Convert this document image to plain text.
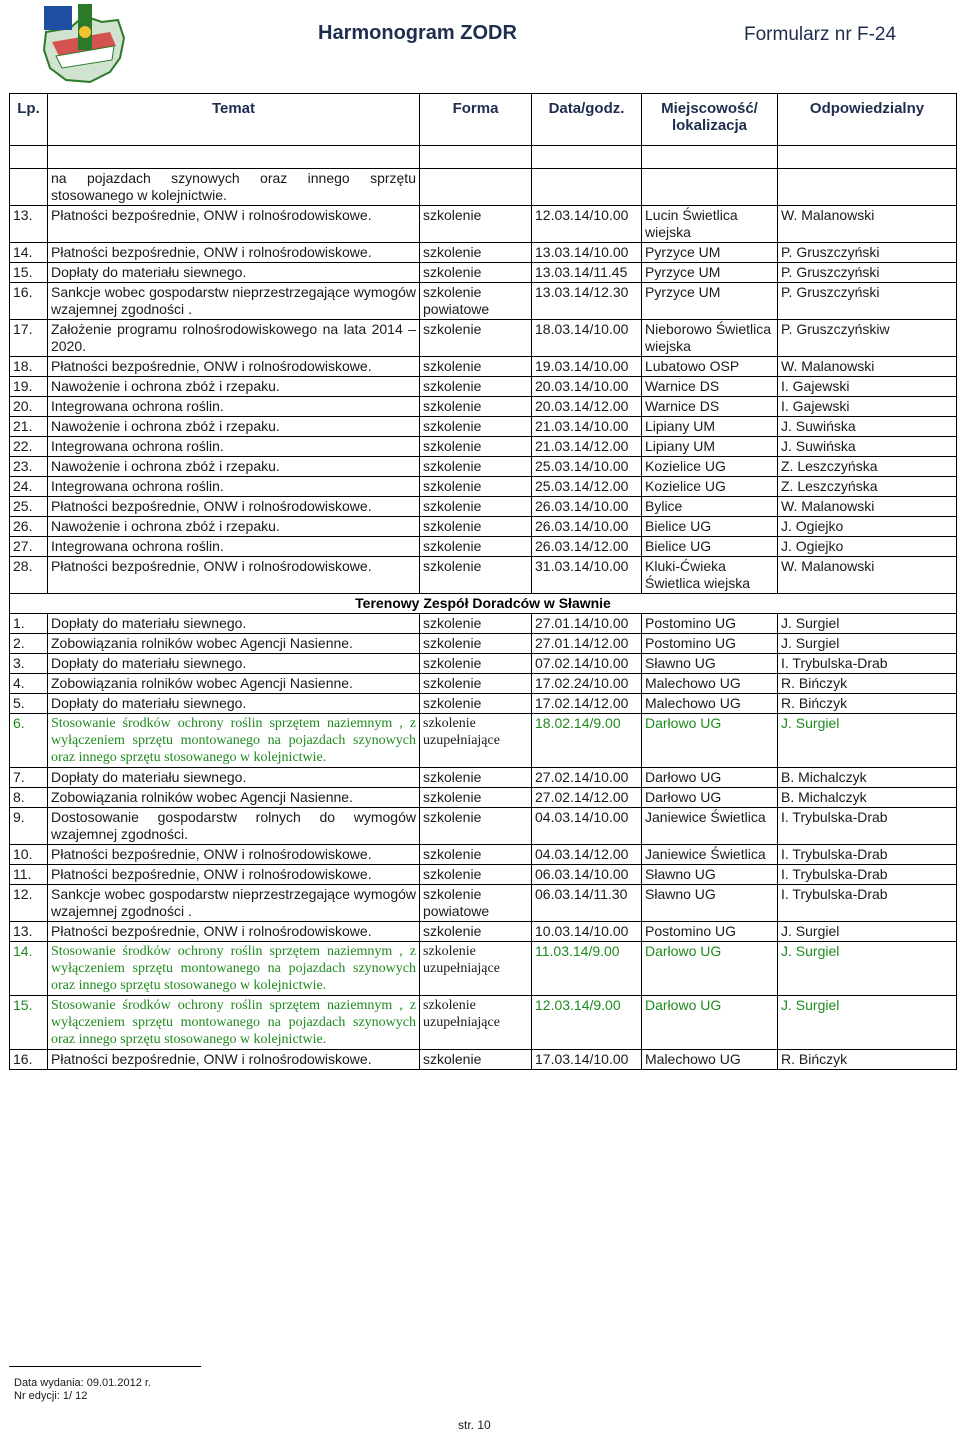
Harmonogram ZODR	Formularz nr F-24
Lp.	Temat	Forma	Data/godz.	Miejscowość/ lokalizacja	Odpowiedzialny

	na pojazdach szynowych oraz innego sprzętu stosowanego w kolejnictwie.				
13.	Płatności bezpośrednie, ONW i rolnośrodowiskowe.	szkolenie	12.03.14/10.00	Lucin Świetlica wiejska	W. Malanowski
14.	Płatności bezpośrednie, ONW i rolnośrodowiskowe.	szkolenie	13.03.14/10.00	Pyrzyce UM	P. Gruszczyński
15.	Dopłaty do materiału siewnego.	szkolenie	13.03.14/11.45	Pyrzyce UM	P. Gruszczyński
16.	Sankcje wobec gospodarstw nieprzestrzegające wymogów wzajemnej zgodności .	szkolenie powiatowe	13.03.14/12.30	Pyrzyce UM	P. Gruszczyński
17.	Założenie programu rolnośrodowiskowego na lata 2014 – 2020.	szkolenie	18.03.14/10.00	Nieborowo Świetlica wiejska	P. Gruszczyńskiw
18.	Płatności bezpośrednie, ONW i rolnośrodowiskowe.	szkolenie	19.03.14/10.00	Lubatowo OSP	W. Malanowski
19.	Nawożenie i ochrona zbóż i rzepaku.	szkolenie	20.03.14/10.00	Warnice DS	I. Gajewski
20.	Integrowana ochrona roślin.	szkolenie	20.03.14/12.00	Warnice DS	I. Gajewski
21.	Nawożenie i ochrona zbóż i rzepaku.	szkolenie	21.03.14/10.00	Lipiany UM	J. Suwińska
22.	Integrowana ochrona roślin.	szkolenie	21.03.14/12.00	Lipiany UM	J. Suwińska
23.	Nawożenie i ochrona zbóż i rzepaku.	szkolenie	25.03.14/10.00	Kozielice UG	Z. Leszczyńska
24.	Integrowana ochrona roślin.	szkolenie	25.03.14/12.00	Kozielice UG	Z. Leszczyńska
25.	Płatności bezpośrednie, ONW i rolnośrodowiskowe.	szkolenie	26.03.14/10.00	Bylice	W. Malanowski
26.	Nawożenie i ochrona zbóż i rzepaku.	szkolenie	26.03.14/10.00	Bielice UG	J. Ogiejko
27.	Integrowana ochrona roślin.	szkolenie	26.03.14/12.00	Bielice UG	J. Ogiejko
28.	Płatności bezpośrednie, ONW i rolnośrodowiskowe.	szkolenie	31.03.14/10.00	Kluki-Ćwieka Świetlica wiejska	W. Malanowski
Terenowy Zespół Doradców w Sławnie					
1.	Dopłaty do materiału siewnego.	szkolenie	27.01.14/10.00	Postomino UG	J. Surgiel
2.	Zobowiązania rolników wobec Agencji Nasienne.	szkolenie	27.01.14/12.00	Postomino UG	J. Surgiel
3.	Dopłaty do materiału siewnego.	szkolenie	07.02.14/10.00	Sławno UG	I. Trybulska-Drab
4.	Zobowiązania rolników wobec Agencji Nasienne.	szkolenie	17.02.24/10.00	Malechowo UG	R. Bińczyk
5.	Dopłaty do materiału siewnego.	szkolenie	17.02.14/12.00	Malechowo UG	R. Bińczyk
6.	Stosowanie środków ochrony roślin sprzętem naziemnym , z wyłączeniem sprzętu montowanego na pojazdach szynowych oraz innego sprzętu stosowanego w kolejnictwie.	szkolenie uzupełniające	18.02.14/9.00	Darłowo UG	J. Surgiel
7.	Dopłaty do materiału siewnego.	szkolenie	27.02.14/10.00	Darłowo UG	B. Michalczyk
8.	Zobowiązania rolników wobec Agencji Nasienne.	szkolenie	27.02.14/12.00	Darłowo UG	B. Michalczyk
9.	Dostosowanie gospodarstw rolnych do wymogów wzajemnej zgodności.	szkolenie	04.03.14/10.00	Janiewice Świetlica	I. Trybulska-Drab
10.	Płatności bezpośrednie, ONW i rolnośrodowiskowe.	szkolenie	04.03.14/12.00	Janiewice Świetlica	I. Trybulska-Drab
11.	Płatności bezpośrednie, ONW i rolnośrodowiskowe.	szkolenie	06.03.14/10.00	Sławno UG	I. Trybulska-Drab
12.	Sankcje wobec gospodarstw nieprzestrzegające wymogów wzajemnej zgodności .	szkolenie powiatowe	06.03.14/11.30	Sławno UG	I. Trybulska-Drab
13.	Płatności bezpośrednie, ONW i rolnośrodowiskowe.	szkolenie	10.03.14/10.00	Postomino UG	J. Surgiel
14.	Stosowanie środków ochrony roślin sprzętem naziemnym , z wyłączeniem sprzętu montowanego na pojazdach szynowych oraz innego sprzętu stosowanego w kolejnictwie.	szkolenie uzupełniające	11.03.14/9.00	Darłowo UG	J. Surgiel
15.	Stosowanie środków ochrony roślin sprzętem naziemnym , z wyłączeniem sprzętu montowanego na pojazdach szynowych oraz innego sprzętu stosowanego w kolejnictwie.	szkolenie uzupełniające	12.03.14/9.00	Darłowo UG	J. Surgiel
16.	Płatności bezpośrednie, ONW i rolnośrodowiskowe.	szkolenie	17.03.14/10.00	Malechowo UG	R. Bińczyk
Data wydania: 09.01.2012 r.
Nr edycji: 1/ 12
str. 10
